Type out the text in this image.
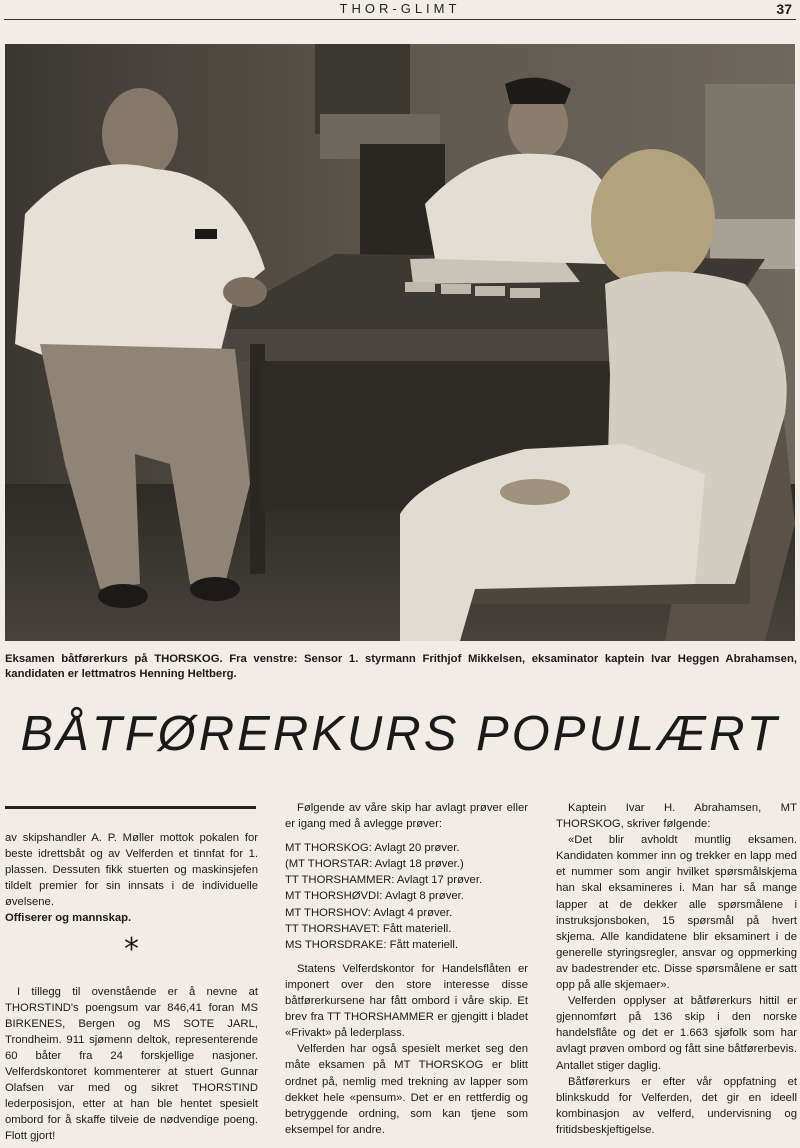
THOR-GLIMT	37
Eksamen båtførerkurs på THORSKOG. Fra venstre: Sensor 1. styrmann Frithjof Mikkelsen, eksaminator kaptein Ivar Heggen Abrahamsen,
kandidaten er lettmatros Henning Heltberg.
BÅTFØRERKURS POPULÆRT

av skipshandler A. P. Møller mottok pokalen for beste idrettsbåt og av Velferden et tinnfat for 1. plassen. Dessuten fikk stuerten og maskinsjefen tildelt premier for sin innsats i de individuelle øvelsene.

Offiserer og mannskap.

*

I tillegg til ovenstående er å nevne at THORSTIND's poengsum var 846,41 foran MS BIRKENES, Bergen og MS SOTE JARL, Trondheim. 911 sjømenn deltok, representerende 60 båter fra 24 forskjellige nasjoner. Velferdskontoret kommenterer at stuert Gunnar Olafsen var med og sikret THORSTIND lederposisjon, etter at han ble hentet spesielt ombord for å skaffe tilveie de nødvendige poeng. Flott gjort!

Følgende av våre skip har avlagt prøver eller er igang med å avlegge prøver:

MT THORSKOG: Avlagt 20 prøver.
(MT THORSTAR: Avlagt 18 prøver.)
TT THORSHAMMER: Avlagt 17 prøver.
MT THORSHØVDI: Avlagt 8 prøver.
MT THORSHOV: Avlagt 4 prøver.
TT THORSHAVET: Fått materiell.
MS THORSDRAKE: Fått materiell.

Statens Velferdskontor for Handelsflåten er imponert over den store interesse disse båtførerkursene har fått ombord i våre skip. Et brev fra TT THORSHAMMER er gjengitt i bladet «Frivakt» på lederplass.

Velferden har også spesielt merket seg den måte eksamen på MT THORSKOG er blitt ordnet på, nemlig med trekning av lapper som dekket hele «pensum». Det er en rettferdig og betryggende ordning, som kan tjene som eksempel for andre.

Kaptein Ivar H. Abrahamsen, MT THORSKOG, skriver følgende:

«Det blir avholdt muntlig eksamen. Kandidaten kommer inn og trekker en lapp med et nummer som angir hvilket spørsmålskjema han skal eksamineres i. Man har så mange lapper at de dekker alle spørsmålene i instruksjonsboken, 15 spørsmål på hvert skjema. Alle kandidatene blir eksaminert i de generelle styringsregler, ansvar og oppmerking av badestrender etc. Disse spørsmålene er satt opp på alle skjemaer».

Velferden opplyser at båtførerkurs hittil er gjennomført på 136 skip i den norske handelsflåte og det er 1.663 sjøfolk som har avlagt prøven ombord og fått sine båtførerbevis. Antallet stiger daglig.

Båtførerkurs er efter vår oppfatning et blinkskudd for Velferden, det gir en ideell kombinasjon av velferd, undervisning og fritidsbeskjeftigelse.
